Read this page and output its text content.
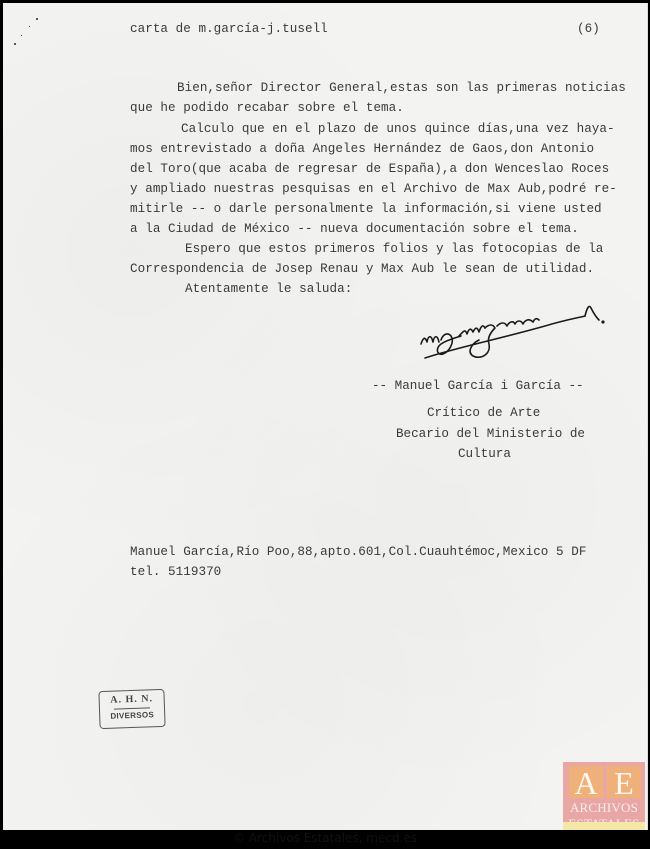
carta de m.garcía-j.tusell	(6)
Bien,señor Director General,estas son las primeras noticias
que he podido recabar sobre el tema.
Calculo que en el plazo de unos quince días,una vez haya-
mos entrevistado a doña Angeles Hernández de Gaos,don Antonio
del Toro(que acaba de regresar de España),a don Wenceslao Roces
y ampliado nuestras pesquisas en el Archivo de Max Aub,podré re-
mitirle -- o darle personalmente la información,si viene usted
a la Ciudad de México -- nueva documentación sobre el tema.
Espero que estos primeros folios y las fotocopias de la
Correspondencia de Josep Renau y Max Aub le sean de utilidad.
Atentamente le saluda:
-- Manuel García i García --
Crítico de Arte
Becario del Ministerio de
Cultura
Manuel García,Río Poo,88,apto.601,Col.Cuauhtémoc,Mexico 5 DF
tel. 5119370
A. H. N.
DIVERSOS
A E
ARCHIVOS
© Archivos Estatales, mecd.es
